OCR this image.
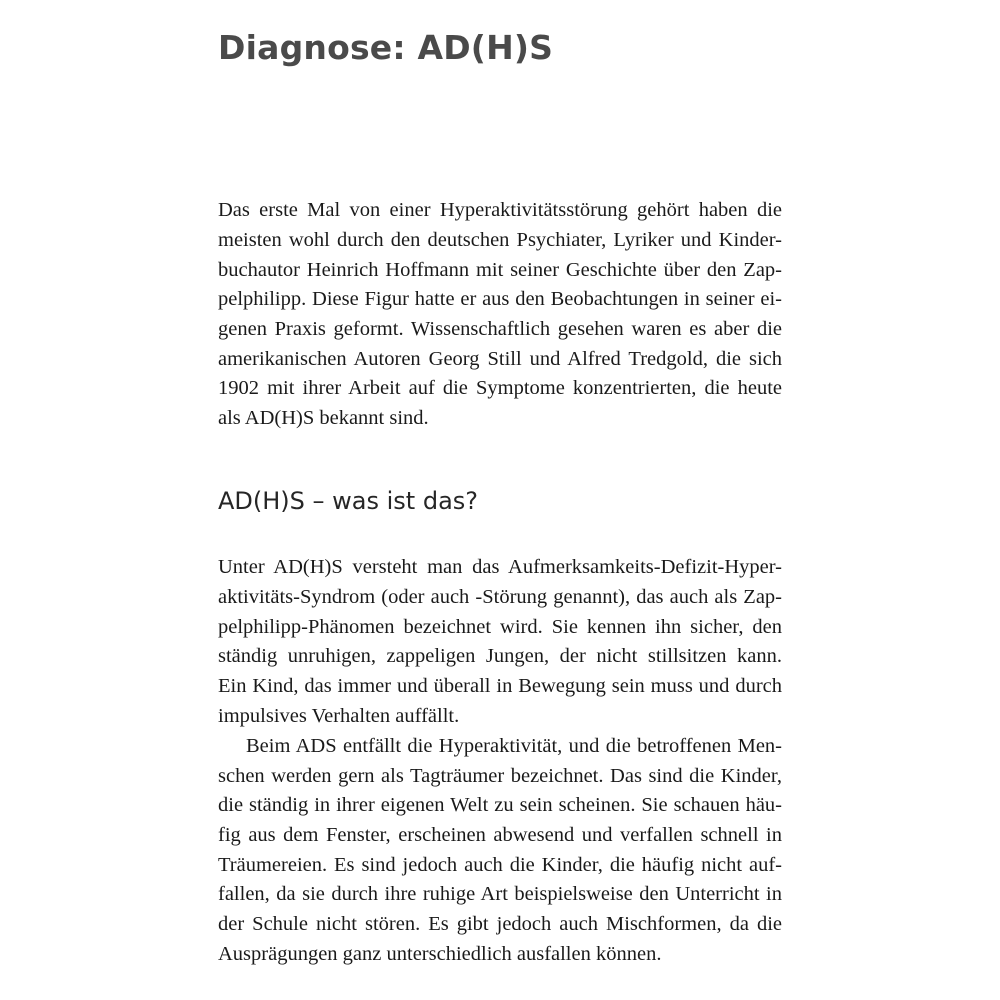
Diagnose: AD(H)S
Das erste Mal von einer Hyperaktivitätsstörung gehört haben die
meisten wohl durch den deutschen Psychiater, Lyriker und Kinder-
buchautor Heinrich Hoffmann mit seiner Geschichte über den Zap-
pelphilipp. Diese Figur hatte er aus den Beobachtungen in seiner ei-
genen Praxis geformt. Wissenschaftlich gesehen waren es aber die
amerikanischen Autoren Georg Still und Alfred Tredgold, die sich
1902 mit ihrer Arbeit auf die Symptome konzentrierten, die heute
als AD(H)S bekannt sind.
AD(H)S – was ist das?
Unter AD(H)S versteht man das Aufmerksamkeits-Defizit-Hyper-
aktivitäts-Syndrom (oder auch -Störung genannt), das auch als Zap-
pelphilipp-Phänomen bezeichnet wird. Sie kennen ihn sicher, den
ständig unruhigen, zappeligen Jungen, der nicht stillsitzen kann.
Ein Kind, das immer und überall in Bewegung sein muss und durch
impulsives Verhalten auffällt.
Beim ADS entfällt die Hyperaktivität, und die betroffenen Men-
schen werden gern als Tagträumer bezeichnet. Das sind die Kinder,
die ständig in ihrer eigenen Welt zu sein scheinen. Sie schauen häu-
fig aus dem Fenster, erscheinen abwesend und verfallen schnell in
Träumereien. Es sind jedoch auch die Kinder, die häufig nicht auf-
fallen, da sie durch ihre ruhige Art beispielsweise den Unterricht in
der Schule nicht stören. Es gibt jedoch auch Mischformen, da die
Ausprägungen ganz unterschiedlich ausfallen können.
